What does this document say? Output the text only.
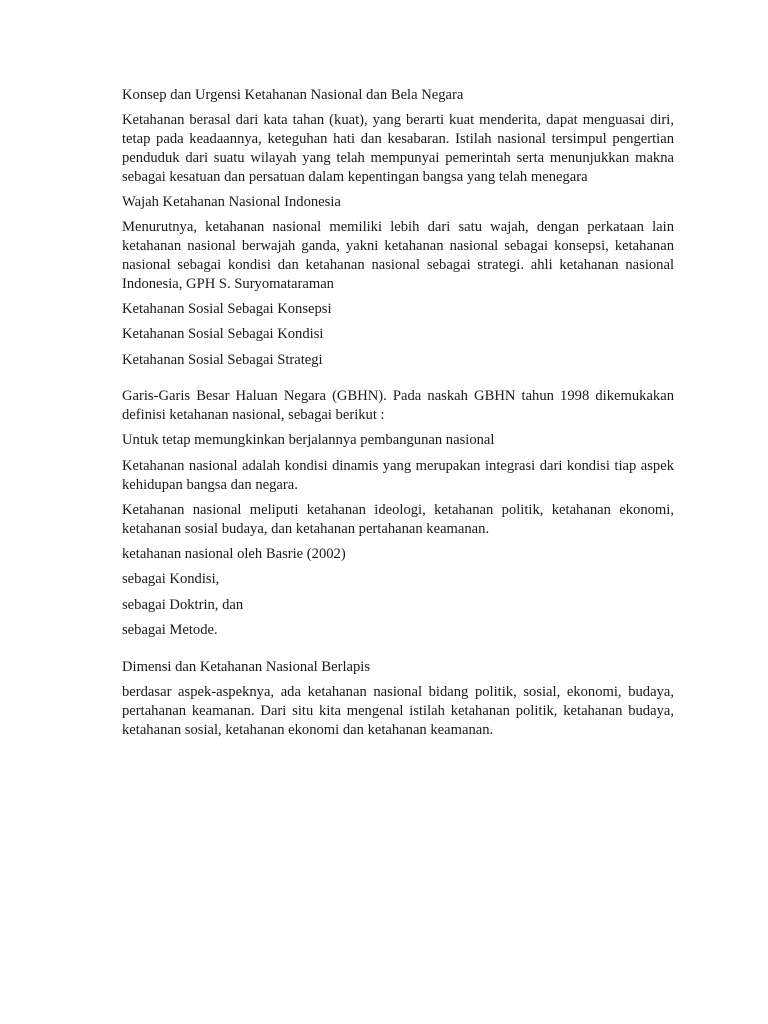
Konsep dan Urgensi Ketahanan Nasional dan Bela Negara

Ketahanan berasal dari kata tahan (kuat), yang berarti kuat menderita, dapat menguasai diri, tetap pada keadaannya, keteguhan hati dan kesabaran. Istilah nasional tersimpul pengertian penduduk dari suatu wilayah yang telah mempunyai pemerintah serta menunjukkan makna sebagai kesatuan dan persatuan dalam kepentingan bangsa yang telah menegara

Wajah Ketahanan Nasional Indonesia

Menurutnya, ketahanan nasional memiliki lebih dari satu wajah, dengan perkataan lain ketahanan nasional berwajah ganda, yakni ketahanan nasional sebagai konsepsi, ketahanan nasional sebagai kondisi dan ketahanan nasional sebagai strategi. ahli ketahanan nasional Indonesia, GPH S. Suryomataraman

Ketahanan Sosial Sebagai Konsepsi

Ketahanan Sosial Sebagai Kondisi

Ketahanan Sosial Sebagai Strategi

Garis-Garis Besar Haluan Negara (GBHN). Pada naskah GBHN tahun 1998 dikemukakan definisi ketahanan nasional, sebagai berikut :

Untuk tetap memungkinkan berjalannya pembangunan nasional

Ketahanan nasional adalah kondisi dinamis yang merupakan integrasi dari kondisi tiap aspek kehidupan bangsa dan negara.

Ketahanan nasional meliputi ketahanan ideologi, ketahanan politik, ketahanan ekonomi, ketahanan sosial budaya, dan ketahanan pertahanan keamanan.

ketahanan nasional oleh Basrie (2002)

sebagai Kondisi,

sebagai Doktrin, dan

sebagai Metode.

Dimensi dan Ketahanan Nasional Berlapis

berdasar aspek-aspeknya, ada ketahanan nasional bidang politik, sosial, ekonomi, budaya, pertahanan keamanan. Dari situ kita mengenal istilah ketahanan politik, ketahanan budaya, ketahanan sosial, ketahanan ekonomi dan ketahanan keamanan.
